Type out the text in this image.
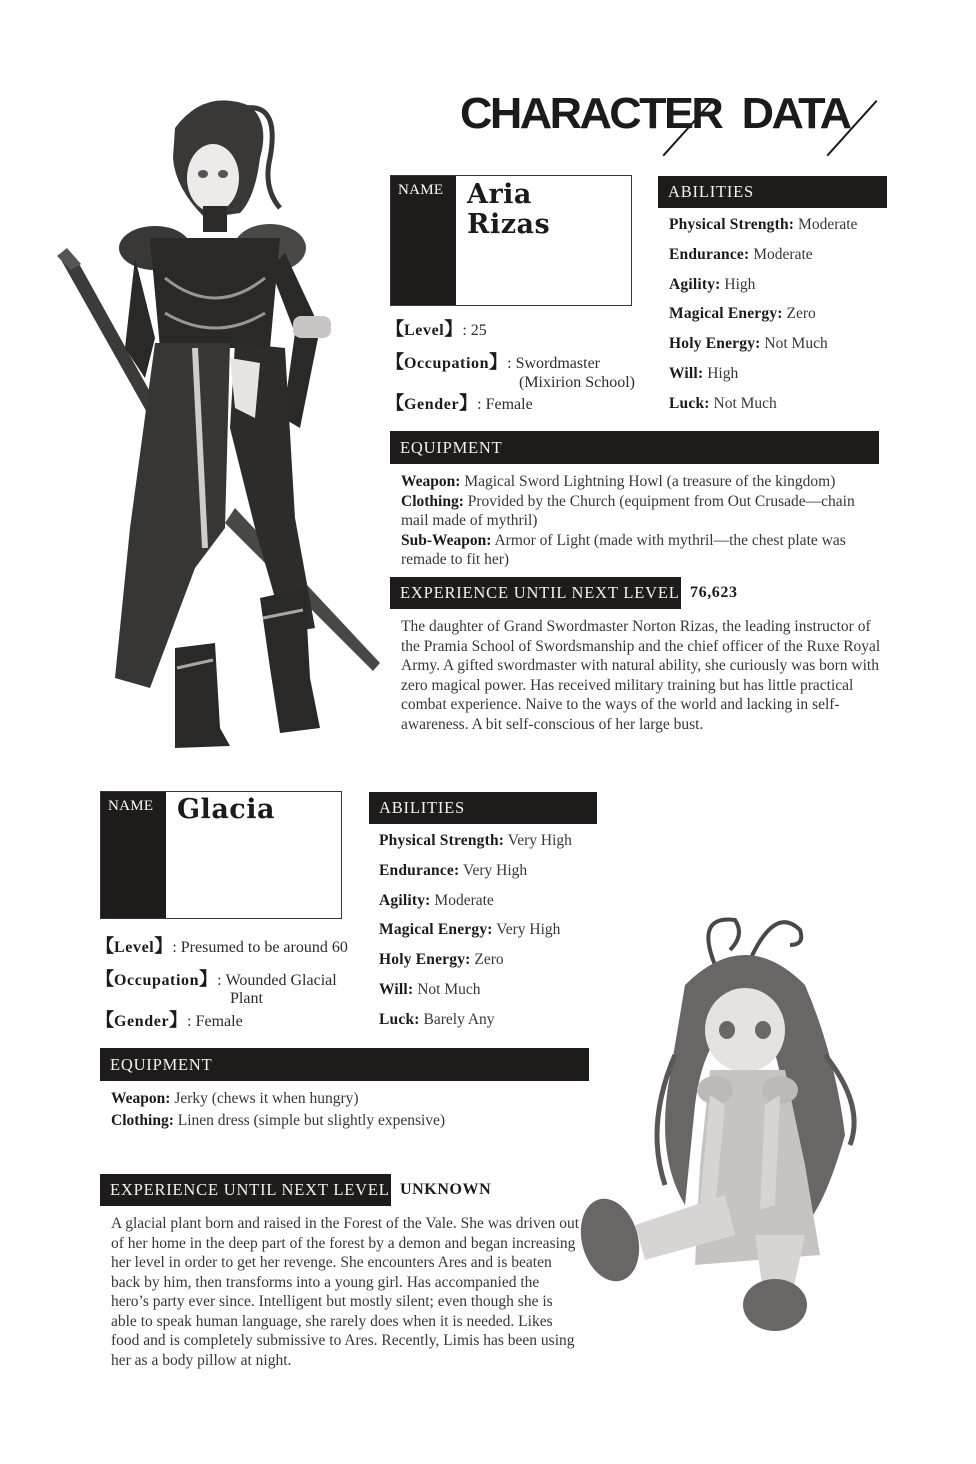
CHARACTER DATA
NAME Aria
Rizas
【Level】: 25
【Occupation】: Swordmaster
(Mixirion School)
【Gender】: Female
ABILITIES
Physical Strength: Moderate
Endurance: Moderate
Agility: High
Magical Energy: Zero
Holy Energy: Not Much
Will: High
Luck: Not Much
EQUIPMENT
Weapon: Magical Sword Lightning Howl (a treasure of the kingdom)
Clothing: Provided by the Church (equipment from Out Crusade—chain mail made of mythril)
Sub-Weapon: Armor of Light (made with mythril—the chest plate was remade to fit her)
EXPERIENCE UNTIL NEXT LEVEL 76,623
The daughter of Grand Swordmaster Norton Rizas, the leading instructor of the Pramia School of Swordsmanship and the chief officer of the Ruxe Royal Army. A gifted swordmaster with natural ability, she curiously was born with zero magical power. Has received military training but has little practical combat experience. Naive to the ways of the world and lacking in self-awareness. A bit self-conscious of her large bust.
NAME Glacia
【Level】: Presumed to be around 60
【Occupation】: Wounded Glacial
Plant
【Gender】: Female
ABILITIES
Physical Strength: Very High
Endurance: Very High
Agility: Moderate
Magical Energy: Very High
Holy Energy: Zero
Will: Not Much
Luck: Barely Any
EQUIPMENT
Weapon: Jerky (chews it when hungry)
Clothing: Linen dress (simple but slightly expensive)
EXPERIENCE UNTIL NEXT LEVEL UNKNOWN
A glacial plant born and raised in the Forest of the Vale. She was driven out of her home in the deep part of the forest by a demon and began increasing her level in order to get her revenge. She encounters Ares and is beaten back by him, then transforms into a young girl. Has accompanied the hero’s party ever since. Intelligent but mostly silent; even though she is able to speak human language, she rarely does when it is needed. Likes food and is completely submissive to Ares. Recently, Limis has been using her as a body pillow at night.
